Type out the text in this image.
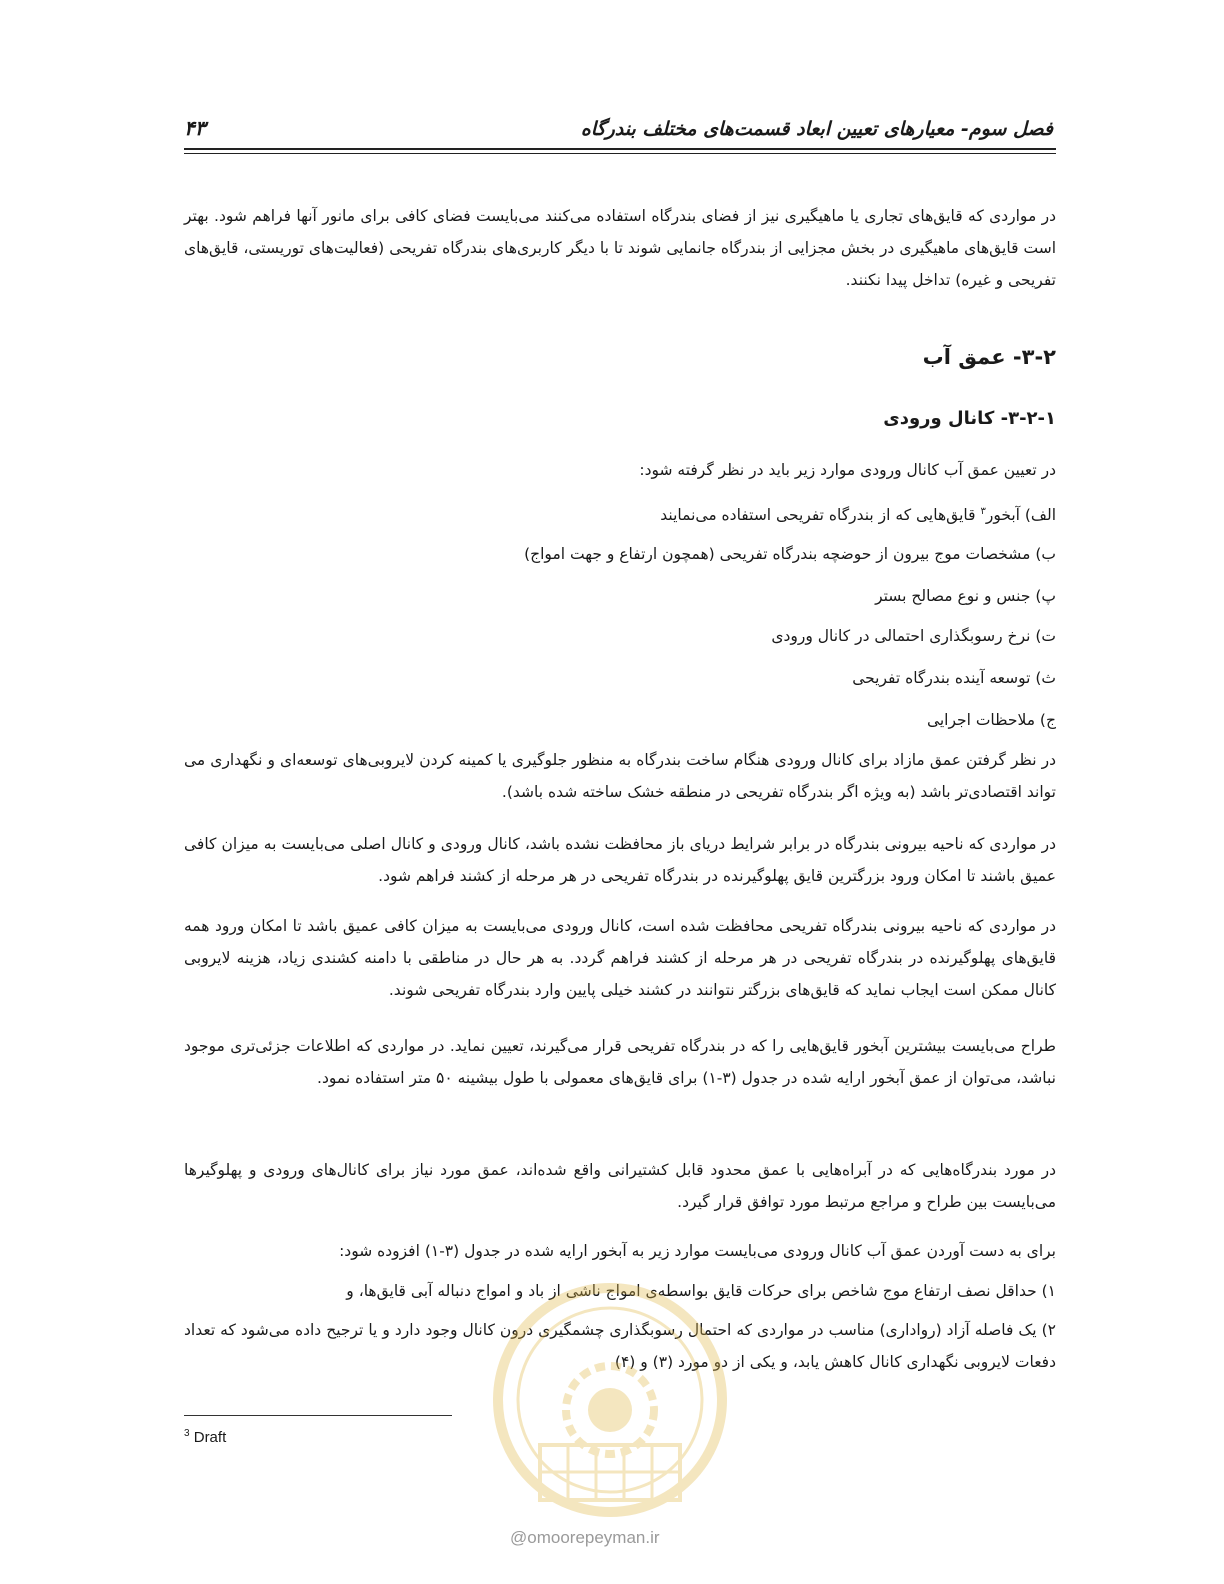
فصل سوم- معیارهای تعیین ابعاد قسمت‌های مختلف بندرگاه
۴۳
در مواردی که قایق‌های تجاری یا ماهیگیری نیز از فضای بندرگاه استفاده می‌کنند می‌بایست فضای کافی برای مانور آنها فراهم شود. بهتر است قایق‌های ماهیگیری در بخش مجزایی از بندرگاه جانمایی شوند تا با دیگر کاربری‌های بندرگاه تفریحی (فعالیت‌های توریستی، قایق‌های تفریحی و غیره) تداخل پیدا نکنند.
۳-۲- عمق آب
۳-۲-۱- کانال ورودی
در تعیین عمق آب کانال ورودی موارد زیر باید در نظر گرفته شود:
الف) آبخور$^۳$ قایق‌هایی که از بندرگاه تفریحی استفاده می‌نمایند
ب) مشخصات موج بیرون از حوضچه بندرگاه تفریحی (همچون ارتفاع و جهت امواج)
پ) جنس و نوع مصالح بستر
ت) نرخ رسوبگذاری احتمالی در کانال ورودی
ث) توسعه آینده بندرگاه تفریحی
ج) ملاحظات اجرایی
در نظر گرفتن عمق مازاد برای کانال ورودی هنگام ساخت بندرگاه به منظور جلوگیری یا کمینه کردن لایروبی‌های توسعه‌ای و نگهداری می تواند اقتصادی‌تر باشد (به ویژه اگر بندرگاه تفریحی در منطقه خشک ساخته شده باشد).
در مواردی که ناحیه بیرونی بندرگاه در برابر شرایط دریای باز محافظت نشده باشد، کانال ورودی و کانال اصلی می‌بایست به میزان کافی عمیق باشند تا امکان ورود بزرگترین قایق پهلوگیرنده در بندرگاه تفریحی در هر مرحله از کشند فراهم شود.
در مواردی که ناحیه بیرونی بندرگاه تفریحی محافظت شده است، کانال ورودی می‌بایست به میزان کافی عمیق باشد تا امکان ورود همه قایق‌های پهلوگیرنده در بندرگاه تفریحی در هر مرحله از کشند فراهم گردد. به هر حال در مناطقی با دامنه کشندی زیاد، هزینه لایروبی کانال ممکن است ایجاب نماید که قایق‌های بزرگتر نتوانند در کشند خیلی پایین وارد بندرگاه تفریحی شوند.
طراح می‌بایست بیشترین آبخور قایق‌هایی را که در بندرگاه تفریحی قرار می‌گیرند، تعیین نماید. در مواردی که اطلاعات جزئی‌تری موجود نباشد، می‌توان از عمق آبخور ارایه شده در جدول (۳-۱) برای قایق‌های معمولی با طول بیشینه ۵۰ متر استفاده نمود.
در مورد بندرگاه‌هایی که در آبراه‌هایی با عمق محدود قابل کشتیرانی واقع شده‌اند، عمق مورد نیاز برای کانال‌های ورودی و پهلوگیرها می‌بایست بین طراح و مراجع مرتبط مورد توافق قرار گیرد.
برای به دست آوردن عمق آب کانال ورودی می‌بایست موارد زیر به آبخور ارایه شده در جدول (۳-۱) افزوده شود:
۱) حداقل نصف ارتفاع موج شاخص برای حرکات قایق بواسطه‌ی امواج ناشی از باد و امواج دنباله آبی قایق‌ها، و
۲) یک فاصله آزاد (رواداری) مناسب در مواردی که احتمال رسوبگذاری چشمگیری درون کانال وجود دارد و یا ترجیح داده می‌شود که تعداد دفعات لایروبی نگهداری کانال کاهش یابد، و یکی از دو مورد (۳) و (۴)
$^3$ Draft
@omoorepeyman.ir
